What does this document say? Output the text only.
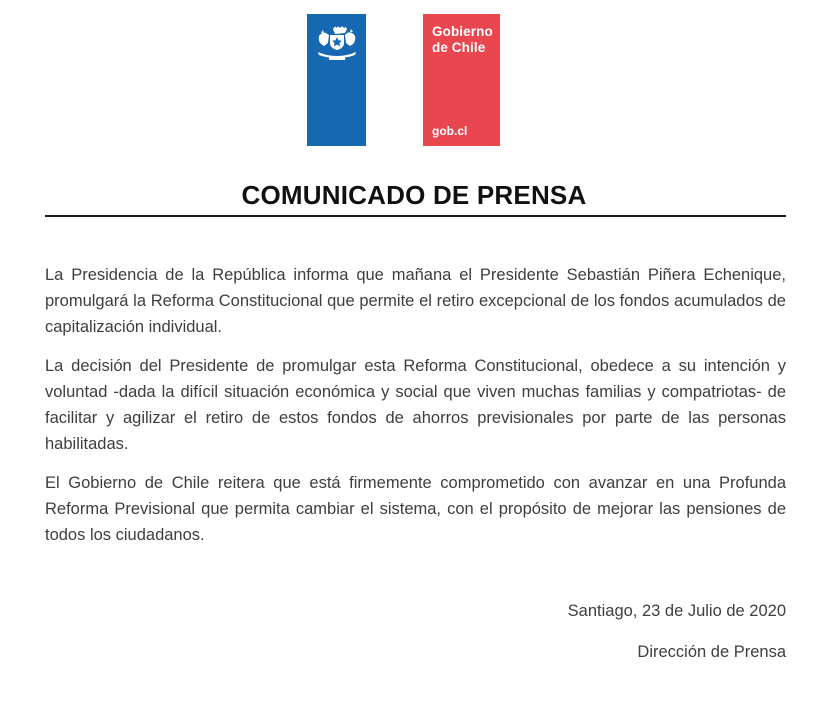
Gobierno
de Chile
gob.cl
COMUNICADO DE PRENSA

La Presidencia de la República informa que mañana el Presidente Sebastián Piñera Echenique, promulgará la Reforma Constitucional que permite el retiro excepcional de los fondos acumulados de capitalización individual.

La decisión del Presidente de promulgar esta Reforma Constitucional, obedece a su intención y voluntad -dada la difícil situación económica y social que viven muchas familias y compatriotas- de facilitar y agilizar el retiro de estos fondos de ahorros previsionales por parte de las personas habilitadas.

El Gobierno de Chile reitera que está firmemente comprometido con avanzar en una Profunda Reforma Previsional que permita cambiar el sistema, con el propósito de mejorar las pensiones de todos los ciudadanos.

Santiago, 23 de Julio de 2020
Dirección de Prensa
